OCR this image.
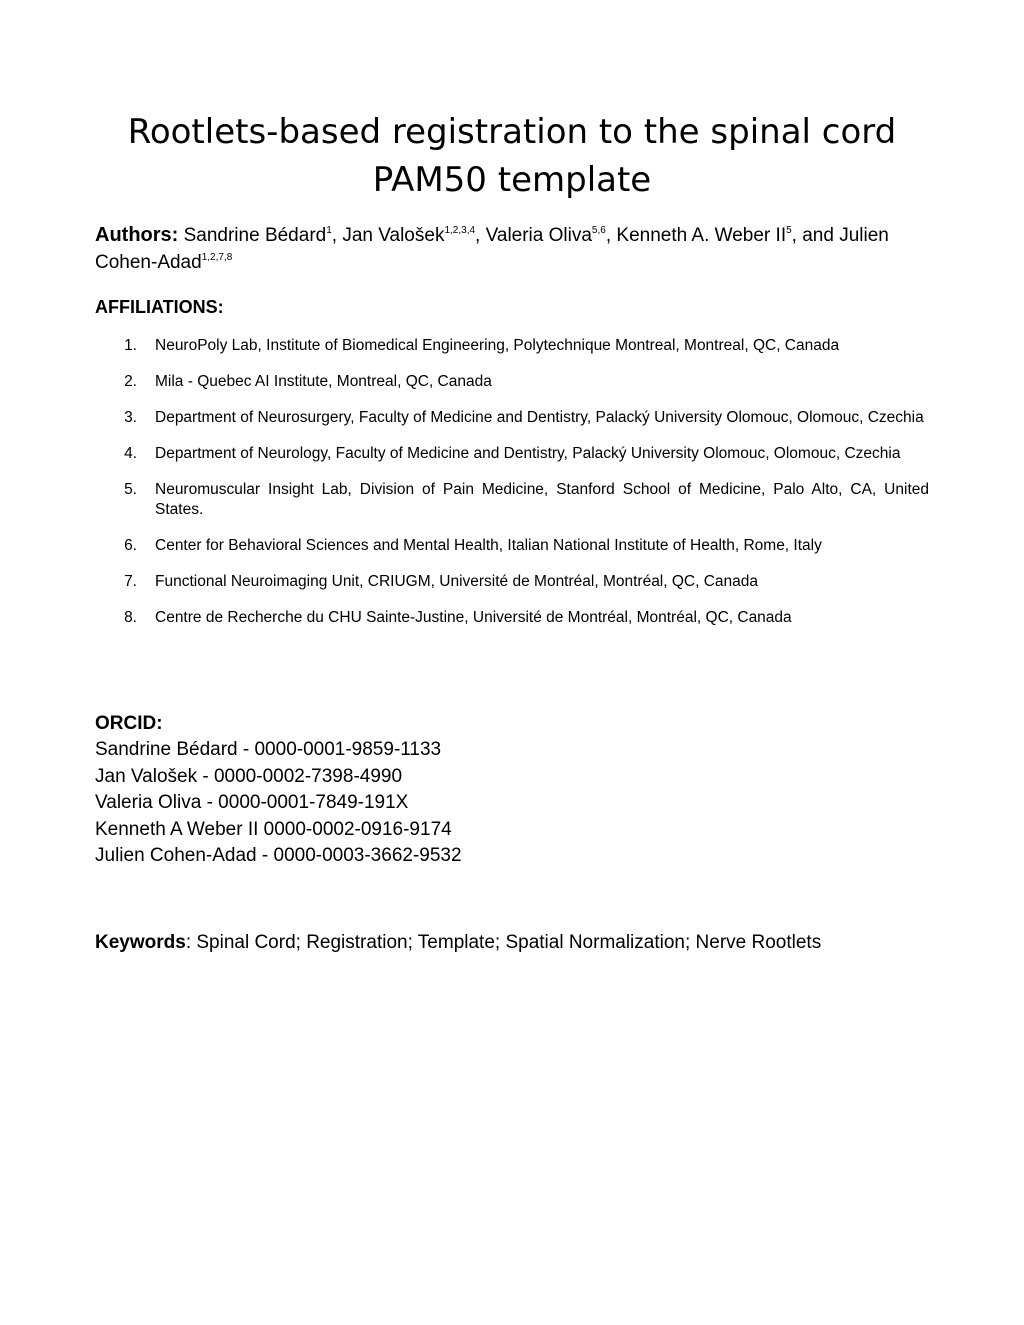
Rootlets-based registration to the spinal cord PAM50 template
Authors: Sandrine Bédard$^1$, Jan Valošek$^{1,2,3,4}$, Valeria Oliva$^{5,6}$, Kenneth A. Weber $II^5$, and Julien Cohen-Adad$^{1,2,7,8}$
AFFILIATIONS:
1.	NeuroPoly Lab, Institute of Biomedical Engineering, Polytechnique Montreal, Montreal, QC, Canada
2.	Mila - Quebec AI Institute, Montreal, QC, Canada
3.	Department of Neurosurgery, Faculty of Medicine and Dentistry, Palacký University Olomouc, Olomouc, Czechia
4.	Department of Neurology, Faculty of Medicine and Dentistry, Palacký University Olomouc, Olomouc, Czechia
5.	Neuromuscular Insight Lab, Division of Pain Medicine, Stanford School of Medicine, Palo Alto, CA, United States.
6.	Center for Behavioral Sciences and Mental Health, Italian National Institute of Health, Rome, Italy
7.	Functional Neuroimaging Unit, CRIUGM, Université de Montréal, Montréal, QC, Canada
8.	Centre de Recherche du CHU Sainte-Justine, Université de Montréal, Montréal, QC, Canada
ORCID:
Sandrine Bédard - 0000-0001-9859-1133
Jan Valošek - 0000-0002-7398-4990
Valeria Oliva - 0000-0001-7849-191X
Kenneth A Weber II 0000-0002-0916-9174
Julien Cohen-Adad - 0000-0003-3662-9532

Keywords: Spinal Cord; Registration; Template; Spatial Normalization; Nerve Rootlets
